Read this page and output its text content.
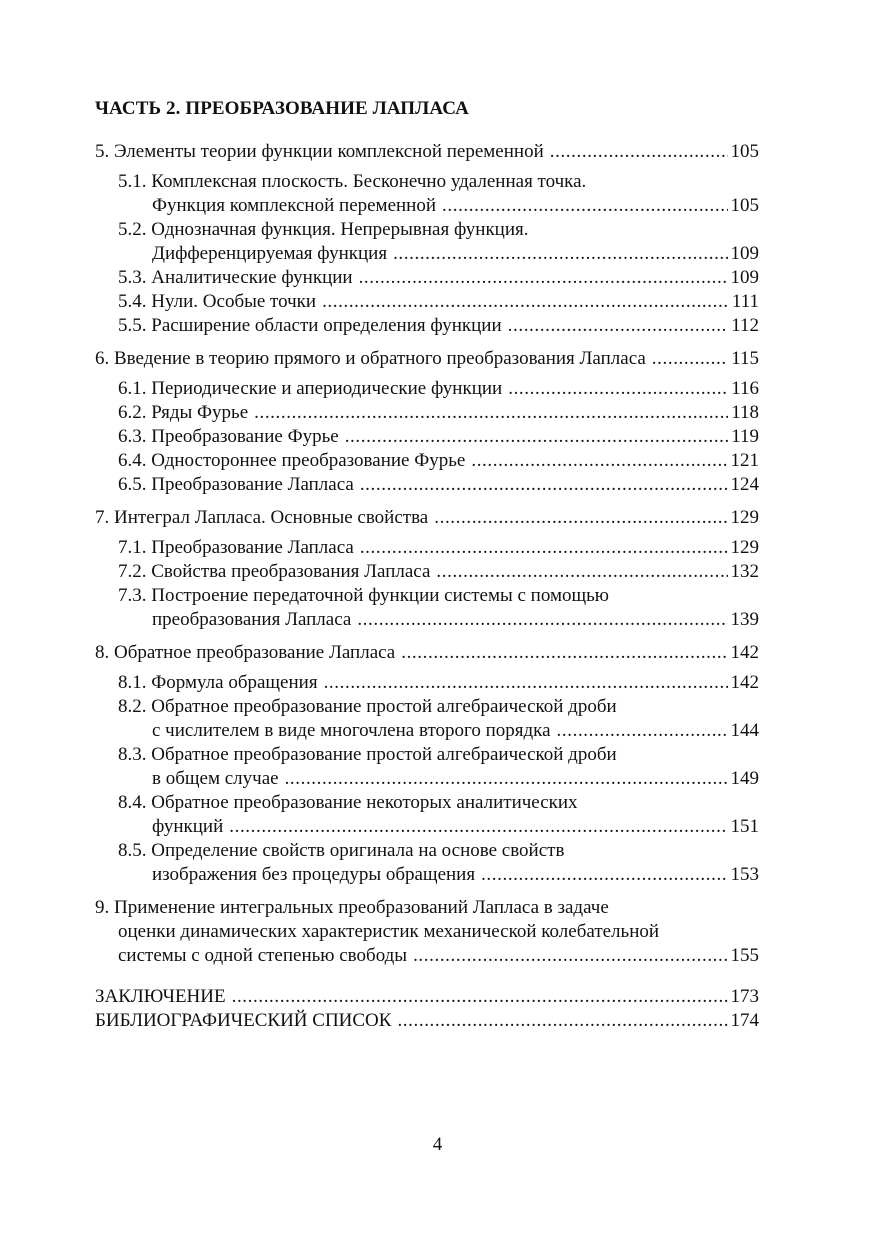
ЧАСТЬ 2. ПРЕОБРАЗОВАНИЕ ЛАПЛАСА
5. Элементы теории функции комплексной переменной .....	105
5.1. Комплексная плоскость. Бесконечно удаленная точка.
Функция комплексной переменной .....	105
5.2. Однозначная функция. Непрерывная функция.
Дифференцируемая функция .....	109
5.3. Аналитические функции .....	109
5.4. Нули. Особые точки .....	111
5.5. Расширение области определения функции .....	112
6. Введение в теорию прямого и обратного преобразования Лапласа .....	115
6.1. Периодические и апериодические функции .....	116
6.2. Ряды Фурье .....	118
6.3. Преобразование Фурье .....	119
6.4. Одностороннее преобразование Фурье .....	121
6.5. Преобразование Лапласа .....	124
7. Интеграл Лапласа. Основные свойства .....	129
7.1. Преобразование Лапласа .....	129
7.2. Свойства преобразования Лапласа .....	132
7.3. Построение передаточной функции системы с помощью
преобразования Лапласа .....	139
8. Обратное преобразование Лапласа .....	142
8.1. Формула обращения .....	142
8.2. Обратное преобразование простой алгебраической дроби
с числителем в виде многочлена второго порядка .....	144
8.3. Обратное преобразование простой алгебраической дроби
в общем случае .....	149
8.4. Обратное преобразование некоторых аналитических
функций .....	151
8.5. Определение свойств оригинала на основе свойств
изображения без процедуры обращения .....	153
9. Применение интегральных преобразований Лапласа в задаче
оценки динамических характеристик механической колебательной
системы с одной степенью свободы .....	155
ЗАКЛЮЧЕНИЕ .....	173
БИБЛИОГРАФИЧЕСКИЙ СПИСОК .....	174
4
